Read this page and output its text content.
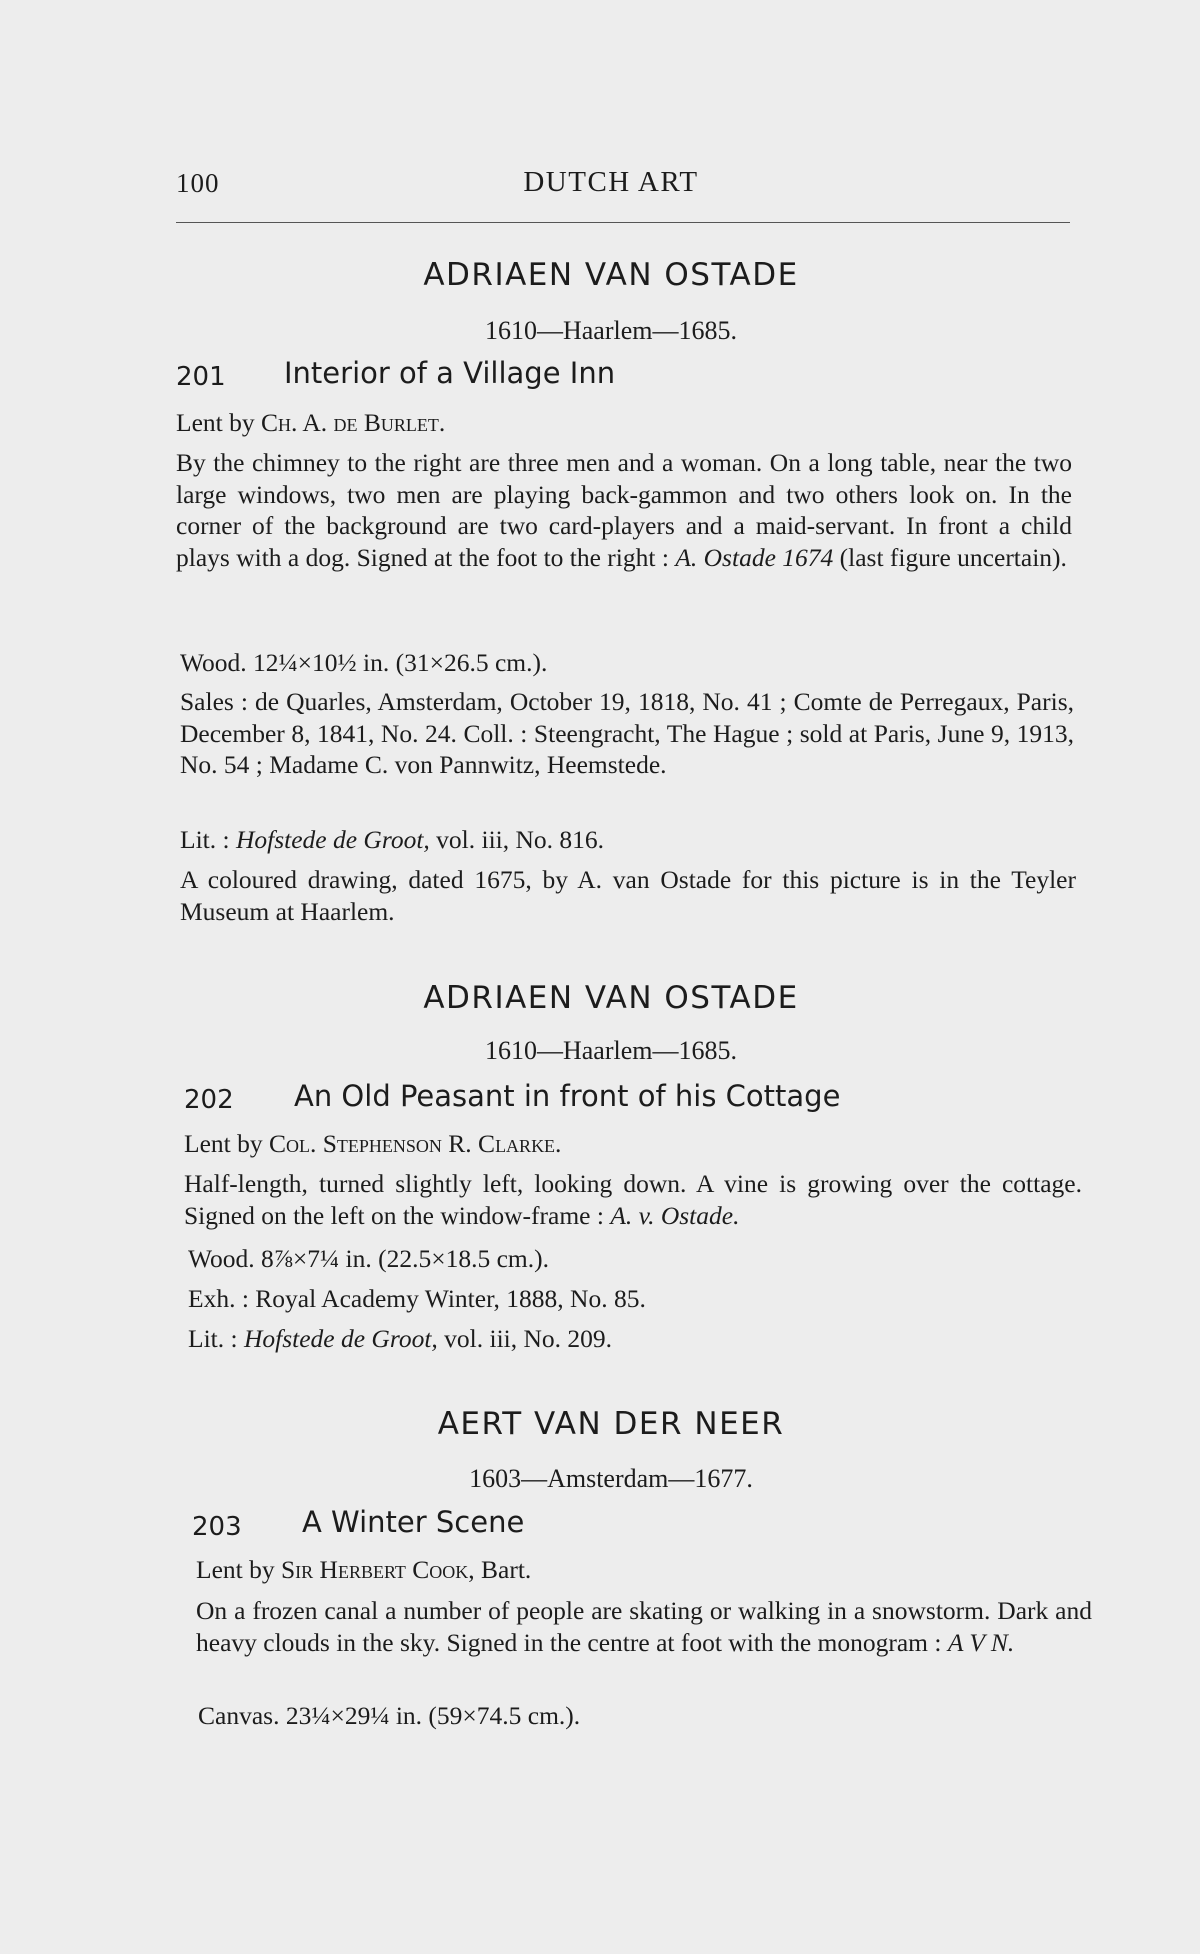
100	DUTCH ART
ADRIAEN VAN OSTADE
1610—Haarlem—1685.
201 Interior of a Village Inn
Lent by Ch. A. de Burlet.
By the chimney to the right are three men and a woman. On a long table, near the two large windows, two men are playing back-gammon and two others look on. In the corner of the background are two card-players and a maid-servant. In front a child plays with a dog. Signed at the foot to the right : A. Ostade 1674 (last figure uncertain).
Wood. 12¼×10½ in. (31×26.5 cm.).
Sales : de Quarles, Amsterdam, October 19, 1818, No. 41 ; Comte de Perregaux, Paris, December 8, 1841, No. 24. Coll. : Steengracht, The Hague ; sold at Paris, June 9, 1913, No. 54 ; Madame C. von Pannwitz, Heemstede.
Lit. : Hofstede de Groot, vol. iii, No. 816.
A coloured drawing, dated 1675, by A. van Ostade for this picture is in the Teyler Museum at Haarlem.
ADRIAEN VAN OSTADE
1610—Haarlem—1685.
202 An Old Peasant in front of his Cottage
Lent by Col. Stephenson R. Clarke.
Half-length, turned slightly left, looking down. A vine is growing over the cottage. Signed on the left on the window-frame : A. v. Ostade.
Wood. 8⅞×7¼ in. (22.5×18.5 cm.).
Exh. : Royal Academy Winter, 1888, No. 85.
Lit. : Hofstede de Groot, vol. iii, No. 209.
AERT VAN DER NEER
1603—Amsterdam—1677.
203 A Winter Scene
Lent by Sir Herbert Cook, Bart.
On a frozen canal a number of people are skating or walking in a snowstorm. Dark and heavy clouds in the sky. Signed in the centre at foot with the monogram : A V N.
Canvas. 23¼×29¼ in. (59×74.5 cm.).
